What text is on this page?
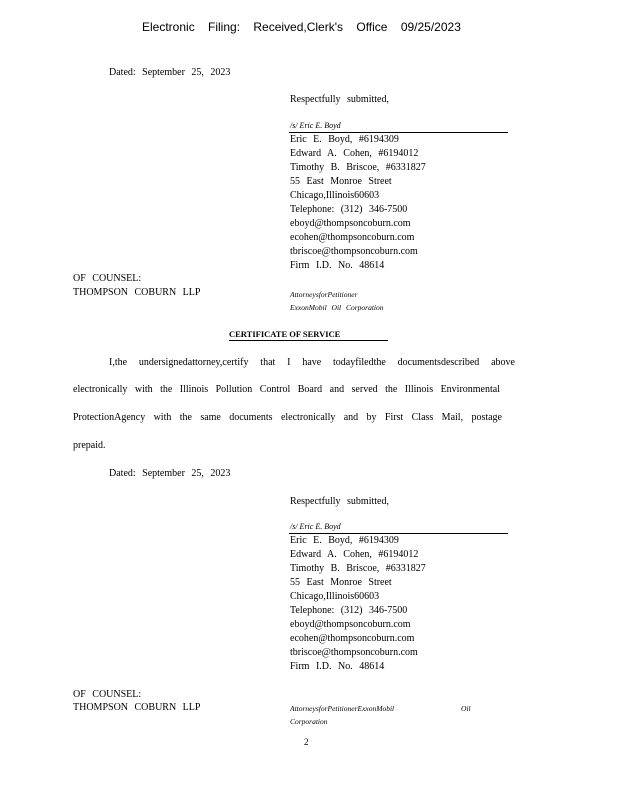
Electronic Filing: Received,Clerk's Office 09/25/2023
Dated: September 25, 2023
Respectfully submitted,
/s/ Eric E. Boyd
Eric E. Boyd, #6194309
Edward A. Cohen, #6194012
Timothy B. Briscoe, #6331827
55 East Monroe Street
Chicago,Illinois60603
Telephone: (312) 346-7500
eboyd@thompsoncoburn.com
ecohen@thompsoncoburn.com
tbriscoe@thompsoncoburn.com
Firm I.D. No. 48614
OF COUNSEL:
THOMPSON COBURN LLP	AttorneysforPetitioner
ExxonMobil Oil Corporation
CERTIFICATE OF SERVICE
I,the undersignedattorney,certify that I have todayfiledthe documentsdescribed above
electronically with the Illinois Pollution Control Board and served the Illinois Environmental
ProtectionAgency with the same documents electronically and by First Class Mail, postage
prepaid.
Dated: September 25, 2023
Respectfully submitted,
/s/ Eric E. Boyd
Eric E. Boyd, #6194309
Edward A. Cohen, #6194012
Timothy B. Briscoe, #6331827
55 East Monroe Street
Chicago,Illinois60603
Telephone: (312) 346-7500
eboyd@thompsoncoburn.com
ecohen@thompsoncoburn.com
tbriscoe@thompsoncoburn.com
Firm I.D. No. 48614
OF COUNSEL:
THOMPSON COBURN LLP	AttorneysforPetitionerExxonMobil	Oil
Corporation
2
